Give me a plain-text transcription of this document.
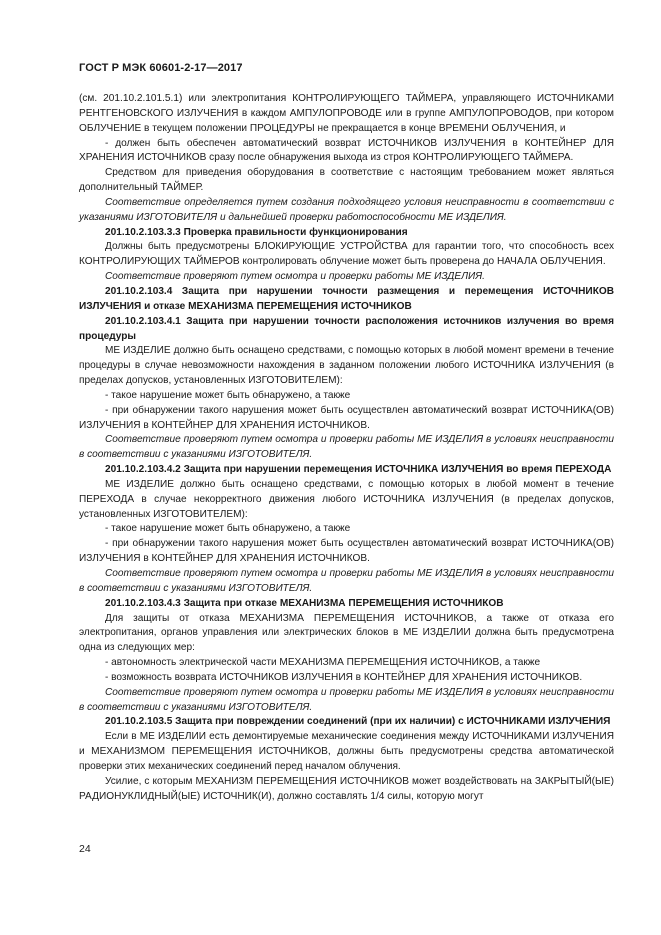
ГОСТ Р МЭК 60601-2-17—2017

(см. 201.10.2.101.5.1) или электропитания КОНТРОЛИРУЮЩЕГО ТАЙМЕРА, управляющего ИСТОЧНИКАМИ РЕНТГЕНОВСКОГО ИЗЛУЧЕНИЯ в каждом АМПУЛОПРОВОДЕ или в группе АМПУЛОПРОВОДОВ, при котором ОБЛУЧЕНИЕ в текущем положении ПРОЦЕДУРЫ не прекращается в конце ВРЕМЕНИ ОБЛУЧЕНИЯ, и

- должен быть обеспечен автоматический возврат ИСТОЧНИКОВ ИЗЛУЧЕНИЯ в КОНТЕЙНЕР ДЛЯ ХРАНЕНИЯ ИСТОЧНИКОВ сразу после обнаружения выхода из строя КОНТРОЛИРУЮЩЕГО ТАЙМЕРА.

Средством для приведения оборудования в соответствие с настоящим требованием может являться дополнительный ТАЙМЕР.

Соответствие определяется путем создания подходящего условия неисправности в соответствии с указаниями ИЗГОТОВИТЕЛЯ и дальнейшей проверки работоспособности МЕ ИЗДЕЛИЯ.

201.10.2.103.3.3 Проверка правильности функционирования

Должны быть предусмотрены БЛОКИРУЮЩИЕ УСТРОЙСТВА для гарантии того, что способность всех КОНТРОЛИРУЮЩИХ ТАЙМЕРОВ контролировать облучение может быть проверена до НАЧАЛА ОБЛУЧЕНИЯ.

Соответствие проверяют путем осмотра и проверки работы МЕ ИЗДЕЛИЯ.

201.10.2.103.4 Защита при нарушении точности размещения и перемещения ИСТОЧНИКОВ ИЗЛУЧЕНИЯ и отказе МЕХАНИЗМА ПЕРЕМЕЩЕНИЯ ИСТОЧНИКОВ

201.10.2.103.4.1 Защита при нарушении точности расположения источников излучения во время процедуры

МЕ ИЗДЕЛИЕ должно быть оснащено средствами, с помощью которых в любой момент времени в течение процедуры в случае невозможности нахождения в заданном положении любого ИСТОЧНИКА ИЗЛУЧЕНИЯ (в пределах допусков, установленных ИЗГОТОВИТЕЛЕМ):

- такое нарушение может быть обнаружено, а также

- при обнаружении такого нарушения может быть осуществлен автоматический возврат ИСТОЧНИКА(ОВ) ИЗЛУЧЕНИЯ в КОНТЕЙНЕР ДЛЯ ХРАНЕНИЯ ИСТОЧНИКОВ.

Соответствие проверяют путем осмотра и проверки работы МЕ ИЗДЕЛИЯ в условиях неисправности в соответствии с указаниями ИЗГОТОВИТЕЛЯ.

201.10.2.103.4.2 Защита при нарушении перемещения ИСТОЧНИКА ИЗЛУЧЕНИЯ во время ПЕРЕХОДА

МЕ ИЗДЕЛИЕ должно быть оснащено средствами, с помощью которых в любой момент в течение ПЕРЕХОДА в случае некорректного движения любого ИСТОЧНИКА ИЗЛУЧЕНИЯ (в пределах допусков, установленных ИЗГОТОВИТЕЛЕМ):

- такое нарушение может быть обнаружено, а также

- при обнаружении такого нарушения может быть осуществлен автоматический возврат ИСТОЧНИКА(ОВ) ИЗЛУЧЕНИЯ в КОНТЕЙНЕР ДЛЯ ХРАНЕНИЯ ИСТОЧНИКОВ.

Соответствие проверяют путем осмотра и проверки работы МЕ ИЗДЕЛИЯ в условиях неисправности в соответствии с указаниями ИЗГОТОВИТЕЛЯ.

201.10.2.103.4.3 Защита при отказе МЕХАНИЗМА ПЕРЕМЕЩЕНИЯ ИСТОЧНИКОВ

Для защиты от отказа МЕХАНИЗМА ПЕРЕМЕЩЕНИЯ ИСТОЧНИКОВ, а также от отказа его электропитания, органов управления или электрических блоков в МЕ ИЗДЕЛИИ должна быть предусмотрена одна из следующих мер:

- автономность электрической части МЕХАНИЗМА ПЕРЕМЕЩЕНИЯ ИСТОЧНИКОВ, а также

- возможность возврата ИСТОЧНИКОВ ИЗЛУЧЕНИЯ в КОНТЕЙНЕР ДЛЯ ХРАНЕНИЯ ИСТОЧНИКОВ.

Соответствие проверяют путем осмотра и проверки работы МЕ ИЗДЕЛИЯ в условиях неисправности в соответствии с указаниями ИЗГОТОВИТЕЛЯ.

201.10.2.103.5 Защита при повреждении соединений (при их наличии) с ИСТОЧНИКАМИ ИЗЛУЧЕНИЯ

Если в МЕ ИЗДЕЛИИ есть демонтируемые механические соединения между ИСТОЧНИКАМИ ИЗЛУЧЕНИЯ и МЕХАНИЗМОМ ПЕРЕМЕЩЕНИЯ ИСТОЧНИКОВ, должны быть предусмотрены средства автоматической проверки этих механических соединений перед началом облучения.

Усилие, с которым МЕХАНИЗМ ПЕРЕМЕЩЕНИЯ ИСТОЧНИКОВ может воздействовать на ЗАКРЫТЫЙ(ЫЕ) РАДИОНУКЛИДНЫЙ(ЫЕ) ИСТОЧНИК(И), должно составлять 1/4 силы, которую могут

24
